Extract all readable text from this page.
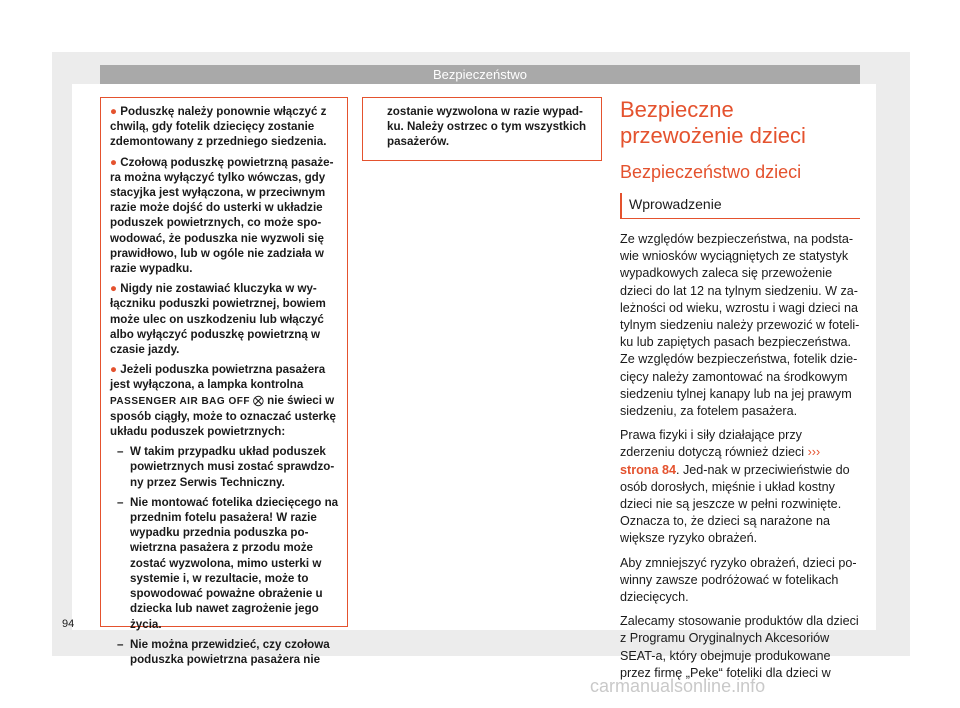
Bezpieczeństwo

● Poduszkę należy ponownie włączyć z chwilą, gdy fotelik dziecięcy zostanie zdemontowany z przedniego siedzenia.

● Czołową poduszkę powietrzną pasaże-ra można wyłączyć tylko wówczas, gdy stacyjka jest wyłączona, w przeciwnym razie może dojść do usterki w układzie poduszek powietrznych, co może spo-wodować, że poduszka nie wyzwoli się prawidłowo, lub w ogóle nie zadziała w razie wypadku.

● Nigdy nie zostawiać kluczyka w wy-łączniku poduszki powietrznej, bowiem może ulec on uszkodzeniu lub włączyć albo wyłączyć poduszkę powietrzną w czasie jazdy.

● Jeżeli poduszka powietrzna pasażera jest wyłączona, a lampka kontrolna
PASSENGER AIR BAG OFF ⛒ nie świeci w sposób ciągły, może to oznaczać usterkę układu poduszek powietrznych:

– W takim przypadku układ poduszek powietrznych musi zostać sprawdzo-ny przez Serwis Techniczny.
– Nie montować fotelika dziecięcego na przednim fotelu pasażera! W razie wypadku przednia poduszka po-wietrzna pasażera z przodu może zostać wyzwolona, mimo usterki w systemie i, w rezultacie, może to spowodować poważne obrażenie u dziecka lub nawet zagrożenie jego życia.
– Nie można przewidzieć, czy czołowa poduszka powietrzna pasażera nie
zostanie wyzwolona w razie wypad-ku. Należy ostrzec o tym wszystkich pasażerów.
Bezpieczne przewożenie dzieci
Bezpieczeństwo dzieci
Wprowadzenie

Ze względów bezpieczeństwa, na podsta-wie wniosków wyciągniętych ze statystyk wypadkowych zaleca się przewożenie dzieci do lat 12 na tylnym siedzeniu. W za-leżności od wieku, wzrostu i wagi dzieci na tylnym siedzeniu należy przewozić w foteli-ku lub zapiętych pasach bezpieczeństwa. Ze względów bezpieczeństwa, fotelik dzie-cięcy należy zamontować na środkowym siedzeniu tylnej kanapy lub na jej prawym siedzeniu, za fotelem pasażera.

Prawa fizyki i siły działające przy zderzeniu dotyczą również dzieci ››› strona 84. Jed-nak w przeciwieństwie do osób dorosłych, mięśnie i układ kostny dzieci nie są jeszcze w pełni rozwinięte. Oznacza to, że dzieci są narażone na większe ryzyko obrażeń.

Aby zmniejszyć ryzyko obrażeń, dzieci po-winny zawsze podróżować w fotelikach dziecięcych.

Zalecamy stosowanie produktów dla dzieci z Programu Oryginalnych Akcesoriów SEAT-a, który obejmuje produkowane przez firmę „Peke“ foteliki dla dzieci w

94
carmanualsonline.info
